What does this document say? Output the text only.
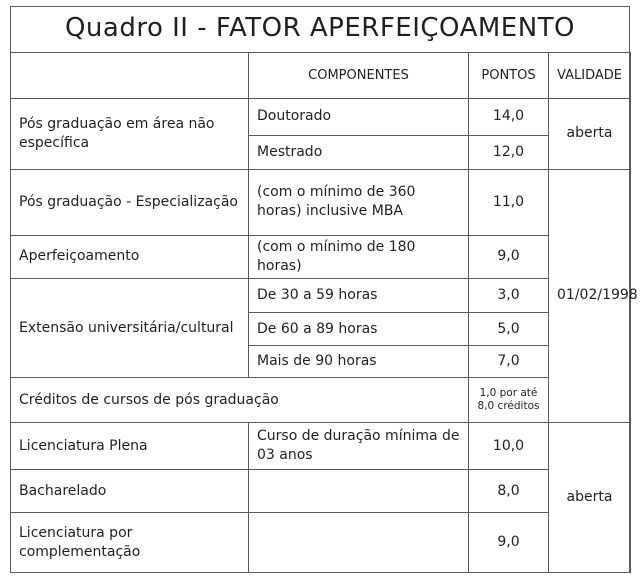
Quadro II - FATOR APERFEIÇOAMENTO
	COMPONENTES	PONTOS	VALIDADE
Pós graduação em área não específica	Doutorado	14,0	aberta
	Mestrado	12,0	
Pós graduação - Especialização	(com o mínimo de 360 horas) inclusive MBA	11,0	01/02/1998
Aperfeiçoamento	(com o mínimo de 180 horas)	9,0	
Extensão universitária/cultural	De 30 a 59 horas	3,0	
	De 60 a 89 horas	5,0	
	Mais de 90 horas	7,0	
Créditos de cursos de pós graduação		1,0 por até
8,0 créditos	

Licenciatura Plena	Curso de duração mínima de 03 anos	10,0	aberta
Bacharelado		8,0	
Licenciatura por complementação		9,0	
